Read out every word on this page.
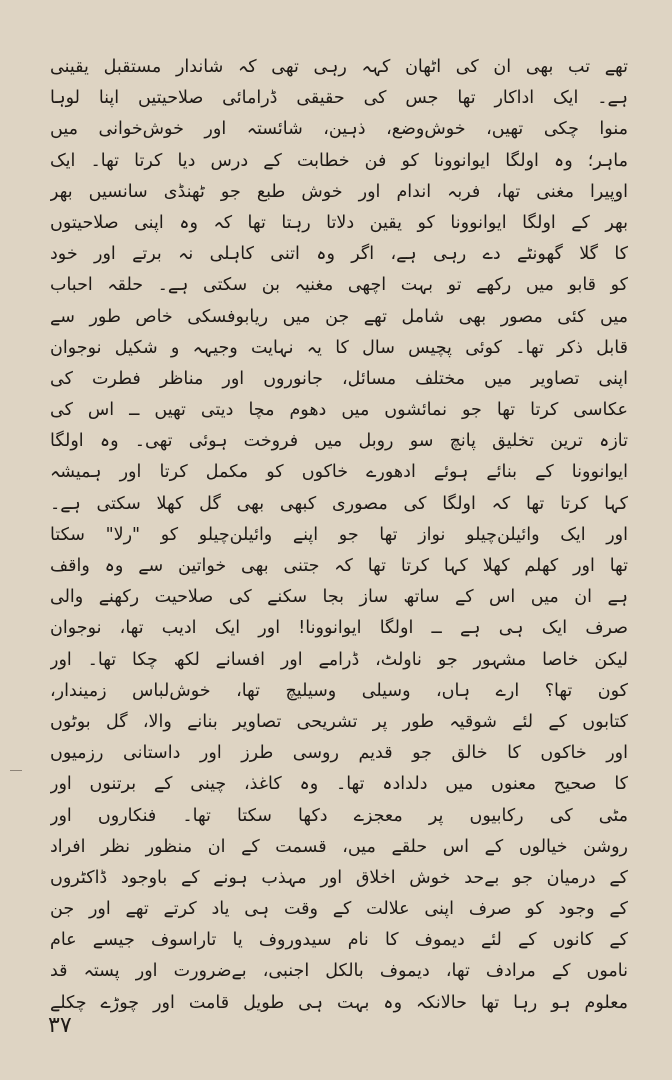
تھے تب بھی ان کی اٹھان کہہ رہی تھی کہ شاندار مستقبل یقینی
ہے۔ ایک اداکار تھا جس کی حقیقی ڈرامائی صلاحیتیں اپنا لوہا
منوا چکی تھیں، خوش‌وضع، ذہین، شائستہ اور خوش‌خوانی میں
ماہر؛ وہ اولگا ایوانوونا کو فن خطابت کے درس دیا کرتا تھا۔ ایک
اوپیرا مغنی تھا، فربہ اندام اور خوش طبع جو ٹھنڈی سانسیں بھر
بھر کے اولگا ایوانوونا کو یقین دلاتا رہتا تھا کہ وہ اپنی صلاحیتوں
کا گلا گھونٹے دے رہی ہے، اگر وہ اتنی کاہلی نہ برتے اور خود
کو قابو میں رکھے تو بہت اچھی مغنیہ بن سکتی ہے۔ حلقہ احباب
میں کئی مصور بھی شامل تھے جن میں ریابوفسکی خاص طور سے
قابل ذکر تھا۔ کوئی پچیس سال کا یہ نہایت وجیہہ و شکیل نوجوان
اپنی تصاویر میں مختلف مسائل، جانوروں اور مناظر فطرت کی
عکاسی کرتا تھا جو نمائشوں میں دھوم مچا دیتی تھیں ــ اس کی
تازہ ترین تخلیق پانچ سو روبل میں فروخت ہوئی تھی۔ وہ اولگا
ایوانوونا کے بنائے ہوئے ادھورے خاکوں کو مکمل کرتا اور ہمیشہ
کہا کرتا تھا کہ اولگا کی مصوری کبھی بھی گل کھلا سکتی ہے۔
اور ایک وائیلن‌چیلو نواز تھا جو اپنے وائیلن‌چیلو کو "رلا" سکتا
تھا اور کھلم کھلا کہا کرتا تھا کہ جتنی بھی خواتین سے وہ واقف
ہے ان میں اس کے ساتھ ساز بجا سکنے کی صلاحیت رکھنے والی
صرف ایک ہی ہے ــ اولگا ایوانوونا! اور ایک ادیب تھا، نوجوان
لیکن خاصا مشہور جو ناولٹ، ڈرامے اور افسانے لکھ چکا تھا۔ اور
کون تھا؟ ارے ہاں، وسیلی وسیلیچ تھا، خوش‌لباس زمیندار،
کتابوں کے لئے شوقیہ طور پر تشریحی تصاویر بنانے والا، گل بوٹوں
اور خاکوں کا خالق جو قدیم روسی طرز اور داستانی رزمیوں
کا صحیح معنوں میں دلدادہ تھا۔ وہ کاغذ، چینی کے برتنوں اور
مٹی کی رکابیوں پر معجزے دکھا سکتا تھا۔ فنکاروں اور
روشن خیالوں کے اس حلقے میں، قسمت کے ان منظور نظر افراد
کے درمیان جو بےحد خوش اخلاق اور مہذب ہونے کے باوجود ڈاکٹروں
کے وجود کو صرف اپنی علالت کے وقت ہی یاد کرتے تھے اور جن
کے کانوں کے لئے دیموف کا نام سیدوروف یا تاراسوف جیسے عام
ناموں کے مرادف تھا، دیموف بالکل اجنبی، بےضرورت اور پستہ قد
معلوم ہو رہا تھا حالانکہ وہ بہت ہی طویل قامت اور چوڑے چکلے
۳۷
